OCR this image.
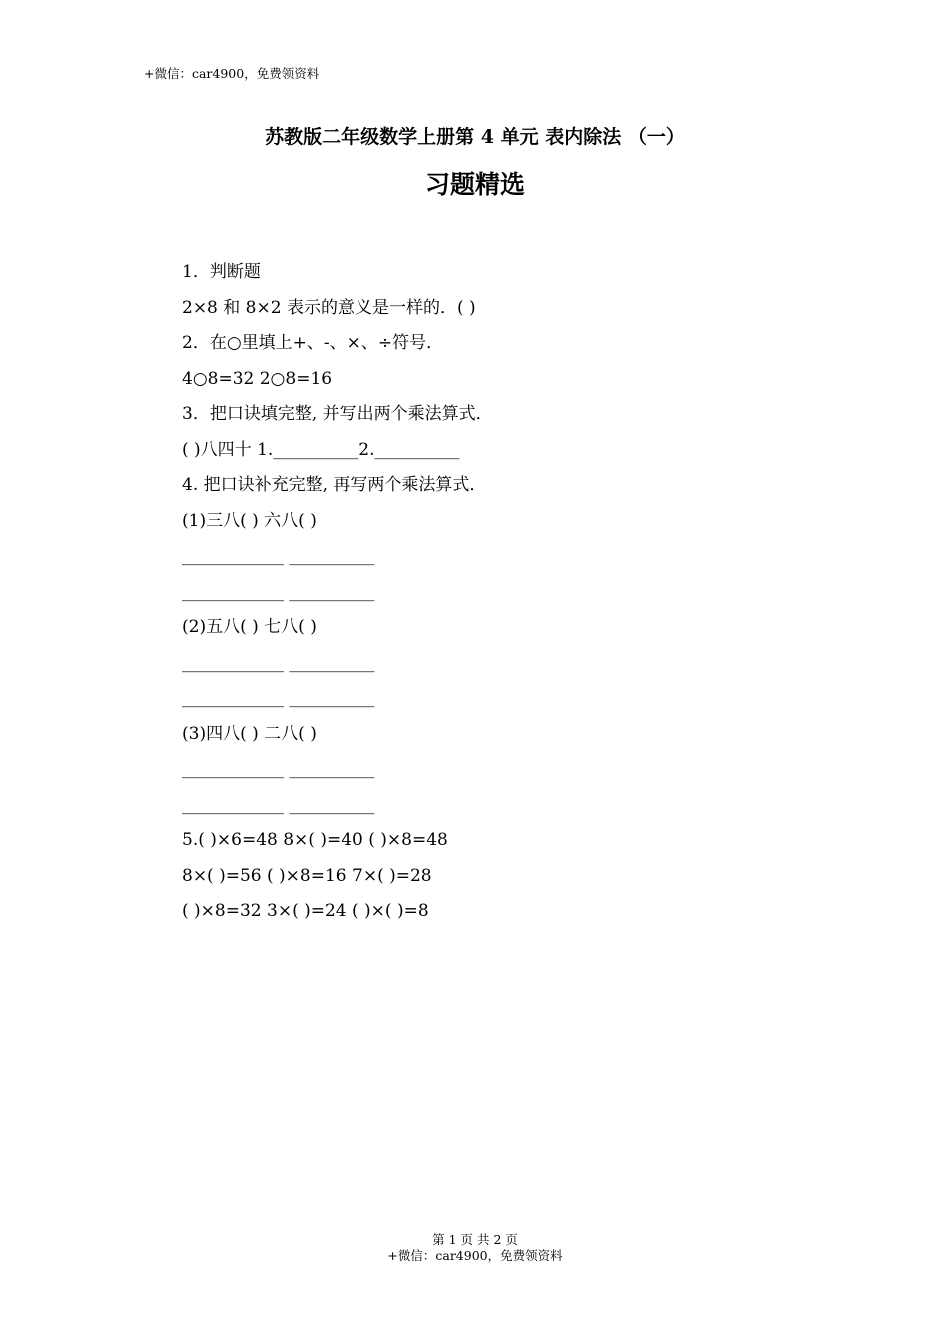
+微信：car4900，免费领资料
苏教版二年级数学上册第 4 单元 表内除法 （一）
习题精选
1．判断题
2×8 和 8×2 表示的意义是一样的．( )
2．在○里填上+、-、×、÷符号．
4○8=32 2○8=16
3．把口诀填完整, 并写出两个乘法算式．
( )八四十 1.__________2.__________
4. 把口诀补充完整, 再写两个乘法算式．
(1)三八( ) 六八( )
____________ __________
____________ __________
(2)五八( ) 七八( )
____________ __________
____________ __________
(3)四八( ) 二八( )
____________ __________
____________ __________
5.( )×6=48 8×( )=40 ( )×8=48
8×( )=56 ( )×8=16 7×( )=28
( )×8=32 3×( )=24 ( )×( )=8
第 1 页 共 2 页
+微信：car4900，免费领资料
